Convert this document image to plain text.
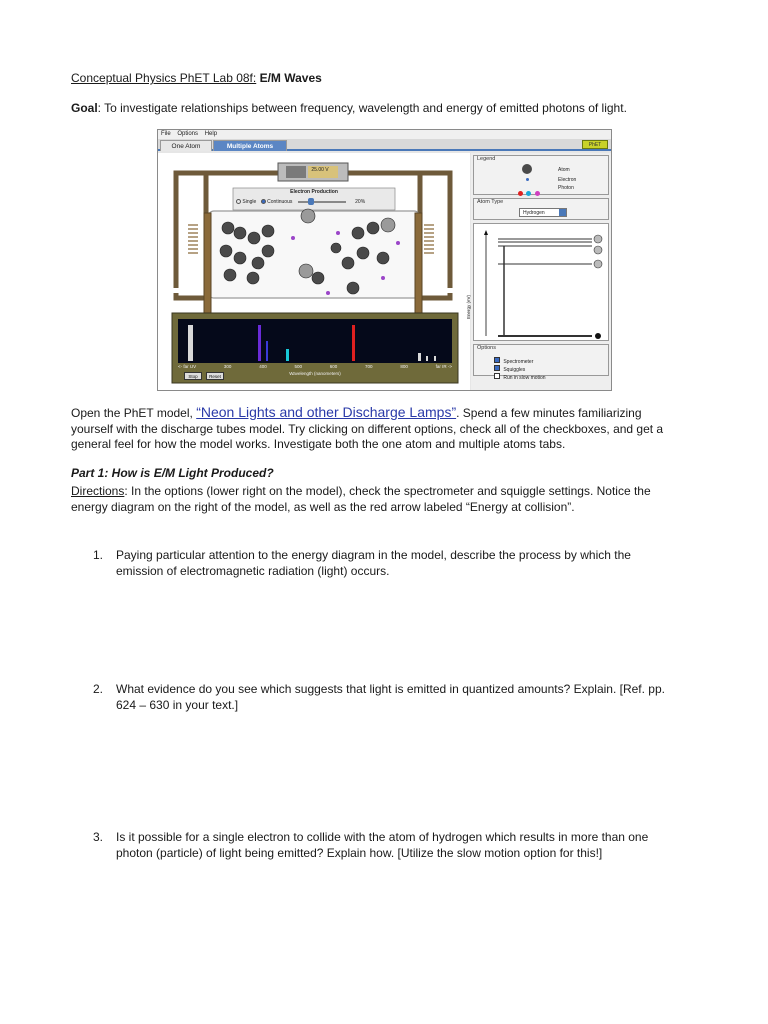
Conceptual Physics PhET Lab 08f: E/M Waves
Goal: To investigate relationships between frequency, wavelength and energy of emitted photons of light.
File Options Help
One Atom	Multiple Atoms	PhET
25.00 V
Electron Production
Single Continuous	20%
<- far UV	300	400	500	600	700	800	far IR ->
Wavelength (nanometers)
Stop	Reset
Legend
Atom
Electron

Photon
Atom Type
Hydrogen
Energy (eV)
Options
Spectrometer
Squiggles
Run in slow motion
Open the PhET model, “Neon Lights and other Discharge Lamps”. Spend a few minutes familiarizing
yourself with the discharge tubes model. Try clicking on different options, check all of the checkboxes, and get a
general feel for how the model works. Investigate both the one atom and multiple atoms tabs.
Part 1: How is E/M Light Produced?
Directions: In the options (lower right on the model), check the spectrometer and squiggle settings. Notice the
energy diagram on the right of the model, as well as the red arrow labeled “Energy at collision”.
1. Paying particular attention to the energy diagram in the model, describe the process by which the
emission of electromagnetic radiation (light) occurs.
2. What evidence do you see which suggests that light is emitted in quantized amounts? Explain. [Ref. pp.
624 – 630 in your text.]
3. Is it possible for a single electron to collide with the atom of hydrogen which results in more than one
photon (particle) of light being emitted? Explain how. [Utilize the slow motion option for this!]
